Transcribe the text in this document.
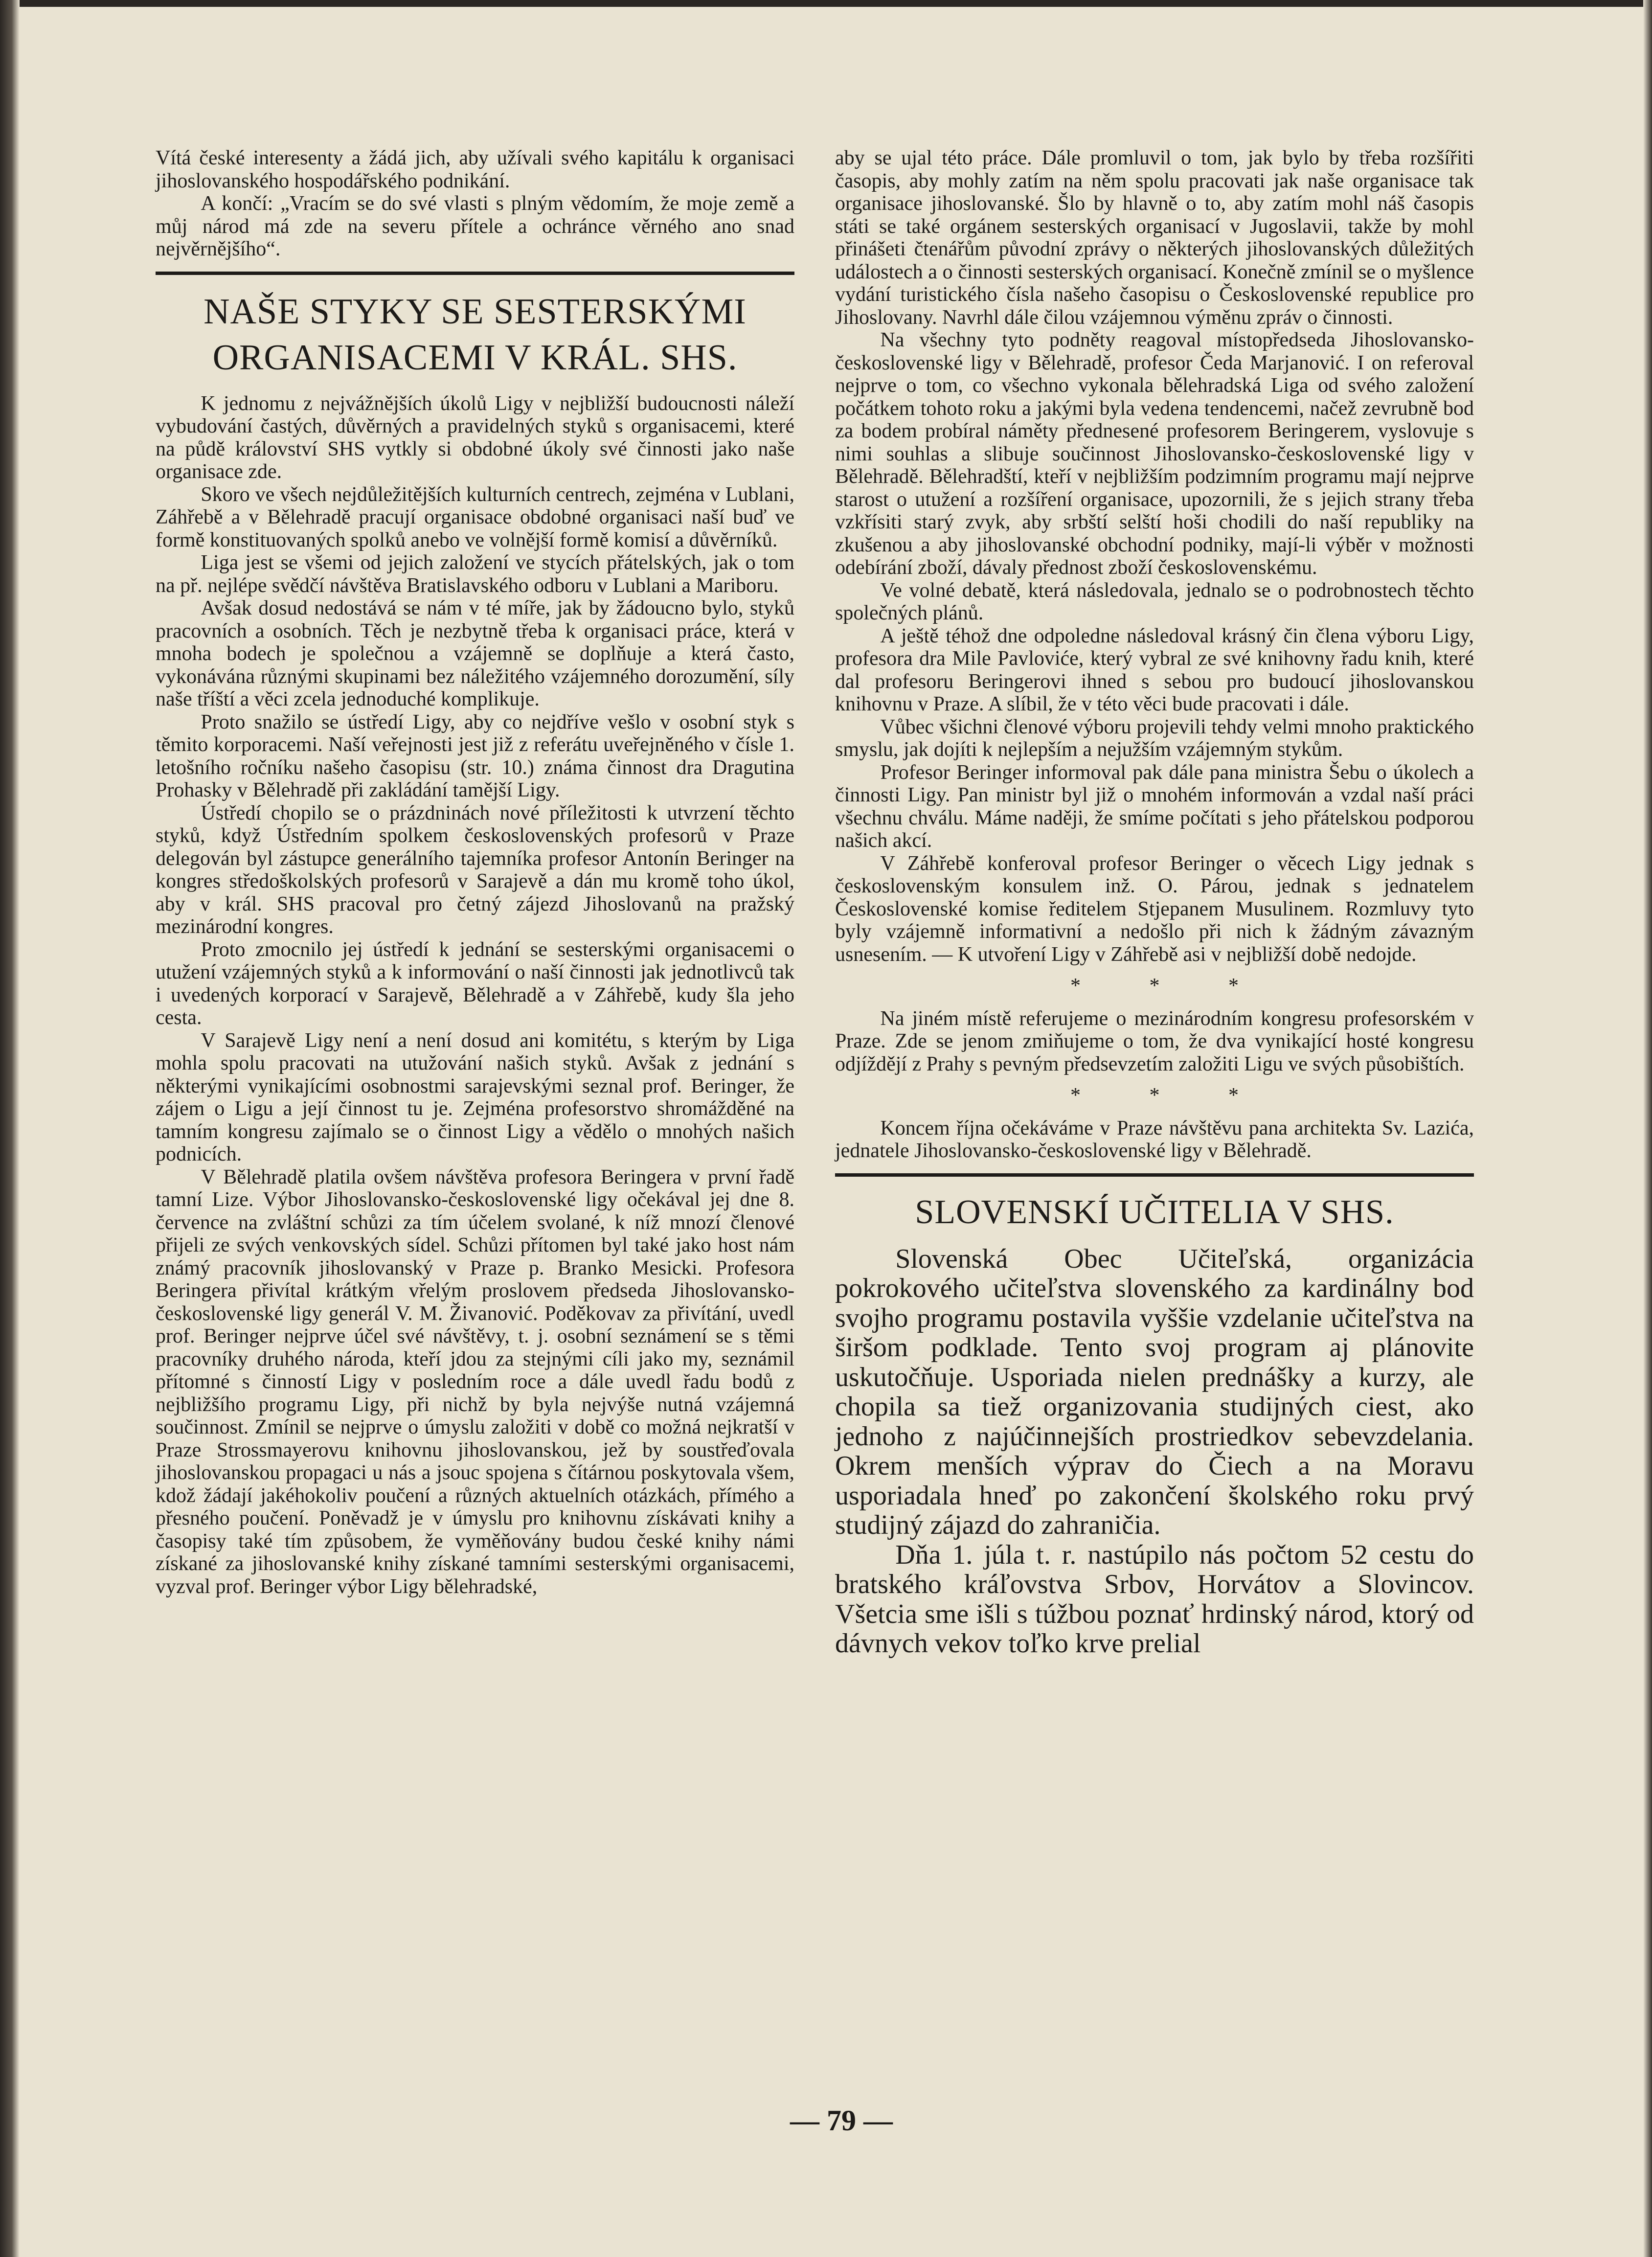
Vítá české interesenty a žádá jich, aby užívali svého kapitálu k organisaci jihoslovanského hospodářského podnikání.

A končí: „Vracím se do své vlasti s plným vědomím, že moje země a můj národ má zde na severu přítele a ochránce věrného ano snad nejvěrnějšího“.

NAŠE STYKY SE SESTERSKÝMI ORGANISACEMI V KRÁL. SHS.

K jednomu z nejvážnějších úkolů Ligy v nejbližší budoucnosti náleží vybudování častých, důvěrných a pravidelných styků s organisacemi, které na půdě království SHS vytkly si obdobné úkoly své činnosti jako naše organisace zde.

Skoro ve všech nejdůležitějších kulturních centrech, zejména v Lublani, Záhřebě a v Bělehradě pracují organisace obdobné organisaci naší buď ve formě konstituovaných spolků anebo ve volnější formě komisí a důvěrníků.

Liga jest se všemi od jejich založení ve stycích přátelských, jak o tom na př. nejlépe svědčí návštěva Bratislavského odboru v Lublani a Mariboru.

Avšak dosud nedostává se nám v té míře, jak by žádoucno bylo, styků pracovních a osobních. Těch je nezbytně třeba k organisaci práce, která v mnoha bodech je společnou a vzájemně se doplňuje a která často, vykonávána různými skupinami bez náležitého vzájemného dorozumění, síly naše tříští a věci zcela jednoduché komplikuje.

Proto snažilo se ústředí Ligy, aby co nejdříve vešlo v osobní styk s těmito korporacemi. Naší veřejnosti jest již z referátu uveřejněného v čísle 1. letošního ročníku našeho časopisu (str. 10.) známa činnost dra Dragutina Prohasky v Bělehradě při zakládání tamější Ligy.

Ústředí chopilo se o prázdninách nové příležitosti k utvrzení těchto styků, když Ústředním spolkem československých profesorů v Praze delegován byl zástupce generálního tajemníka profesor Antonín Beringer na kongres středoškolských profesorů v Sarajevě a dán mu kromě toho úkol, aby v král. SHS pracoval pro četný zájezd Jihoslovanů na pražský mezinárodní kongres.

Proto zmocnilo jej ústředí k jednání se sesterskými organisacemi o utužení vzájemných styků a k informování o naší činnosti jak jednotlivců tak i uvedených korporací v Sarajevě, Bělehradě a v Záhřebě, kudy šla jeho cesta.

V Sarajevě Ligy není a není dosud ani komitétu, s kterým by Liga mohla spolu pracovati na utužování našich styků. Avšak z jednání s některými vynikajícími osobnostmi sarajevskými seznal prof. Beringer, že zájem o Ligu a její činnost tu je. Zejména profesorstvo shromážděné na tamním kongresu zajímalo se o činnost Ligy a vědělo o mnohých našich podnicích.

V Bělehradě platila ovšem návštěva profesora Beringera v první řadě tamní Lize. Výbor Jihoslovansko-československé ligy očekával jej dne 8. července na zvláštní schůzi za tím účelem svolané, k níž mnozí členové přijeli ze svých venkovských sídel. Schůzi přítomen byl také jako host nám známý pracovník jihoslovanský v Praze p. Branko Mesicki. Profesora Beringera přivítal krátkým vřelým proslovem předseda Jihoslovansko-československé ligy generál V. M. Živanović. Poděkovav za přivítání, uvedl prof. Beringer nejprve účel své návštěvy, t. j. osobní seznámení se s těmi pracovníky druhého národa, kteří jdou za stejnými cíli jako my, seznámil přítomné s činností Ligy v posledním roce a dále uvedl řadu bodů z nejbližšího programu Ligy, při nichž by byla nejvýše nutná vzájemná součinnost. Zmínil se nejprve o úmyslu založiti v době co možná nejkratší v Praze Strossmayerovu knihovnu jihoslovanskou, jež by soustřeďovala jihoslovanskou propagaci u nás a jsouc spojena s čítárnou poskytovala všem, kdož žádají jakéhokoliv poučení a různých aktuelních otázkách, přímého a přesného poučení. Poněvadž je v úmyslu pro knihovnu získávati knihy a časopisy také tím způsobem, že vyměňovány budou české knihy námi získané za jihoslovanské knihy získané tamními sesterskými organisacemi, vyzval prof. Beringer výbor Ligy bělehradské,

aby se ujal této práce. Dále promluvil o tom, jak bylo by třeba rozšířiti časopis, aby mohly zatím na něm spolu pracovati jak naše organisace tak organisace jihoslovanské. Šlo by hlavně o to, aby zatím mohl náš časopis státi se také orgánem sesterských organisací v Jugoslavii, takže by mohl přinášeti čtenářům původní zprávy o některých jihoslovanských důležitých událostech a o činnosti sesterských organisací. Konečně zmínil se o myšlence vydání turistického čísla našeho časopisu o Československé republice pro Jihoslovany. Navrhl dále čilou vzájemnou výměnu zpráv o činnosti.

Na všechny tyto podněty reagoval místopředseda Jihoslovansko-československé ligy v Bělehradě, profesor Čeda Marjanović. I on referoval nejprve o tom, co všechno vykonala bělehradská Liga od svého založení počátkem tohoto roku a jakými byla vedena tendencemi, načež zevrubně bod za bodem probíral náměty přednesené profesorem Beringerem, vyslovuje s nimi souhlas a slibuje součinnost Jihoslovansko-československé ligy v Bělehradě. Bělehradští, kteří v nejbližším podzimním programu mají nejprve starost o utužení a rozšíření organisace, upozornili, že s jejich strany třeba vzkřísiti starý zvyk, aby srbští selští hoši chodili do naší republiky na zkušenou a aby jihoslovanské obchodní podniky, mají-li výběr v možnosti odebírání zboží, dávaly přednost zboží československému.

Ve volné debatě, která následovala, jednalo se o podrobnostech těchto společných plánů.

A ještě téhož dne odpoledne následoval krásný čin člena výboru Ligy, profesora dra Mile Pavloviće, který vybral ze své knihovny řadu knih, které dal profesoru Beringerovi ihned s sebou pro budoucí jihoslovanskou knihovnu v Praze. A slíbil, že v této věci bude pracovati i dále.

Vůbec všichni členové výboru projevili tehdy velmi mnoho praktického smyslu, jak dojíti k nejlepším a nejužším vzájemným stykům.

Profesor Beringer informoval pak dále pana ministra Šebu o úkolech a činnosti Ligy. Pan ministr byl již o mnohém informován a vzdal naší práci všechnu chválu. Máme naději, že smíme počítati s jeho přátelskou podporou našich akcí.

V Záhřebě konferoval profesor Beringer o věcech Ligy jednak s československým konsulem inž. O. Párou, jednak s jednatelem Československé komise ředitelem Stjepanem Musulinem. Rozmluvy tyto byly vzájemně informativní a nedošlo při nich k žádným závazným usnesením. — K utvoření Ligy v Záhřebě asi v nejbližší době nedojde.

* * *

Na jiném místě referujeme o mezinárodním kongresu profesorském v Praze. Zde se jenom zmiňujeme o tom, že dva vynikající hosté kongresu odjíždějí z Prahy s pevným předsevzetím založiti Ligu ve svých působištích.

* * *

Koncem října očekáváme v Praze návštěvu pana architekta Sv. Lazića, jednatele Jihoslovansko-československé ligy v Bělehradě.

SLOVENSKÍ UČITELIA V SHS.

Slovenská Obec Učiteľská, organizácia pokrokového učiteľstva slovenského za kardinálny bod svojho programu postavila vyššie vzdelanie učiteľstva na širšom podklade. Tento svoj program aj plánovite uskutočňuje. Usporiada nielen prednášky a kurzy, ale chopila sa tiež organizovania studijných ciest, ako jednoho z najúčinnejších prostriedkov sebevzdelania. Okrem menších výprav do Čiech a na Moravu usporiadala hneď po zakončení školského roku prvý studijný zájazd do zahraničia.

Dňa 1. júla t. r. nastúpilo nás počtom 52 cestu do bratského kráľovstva Srbov, Horvátov a Slovincov. Všetcia sme išli s túžbou poznať hrdinský národ, ktorý od dávnych vekov toľko krve prelial

— 79 —
